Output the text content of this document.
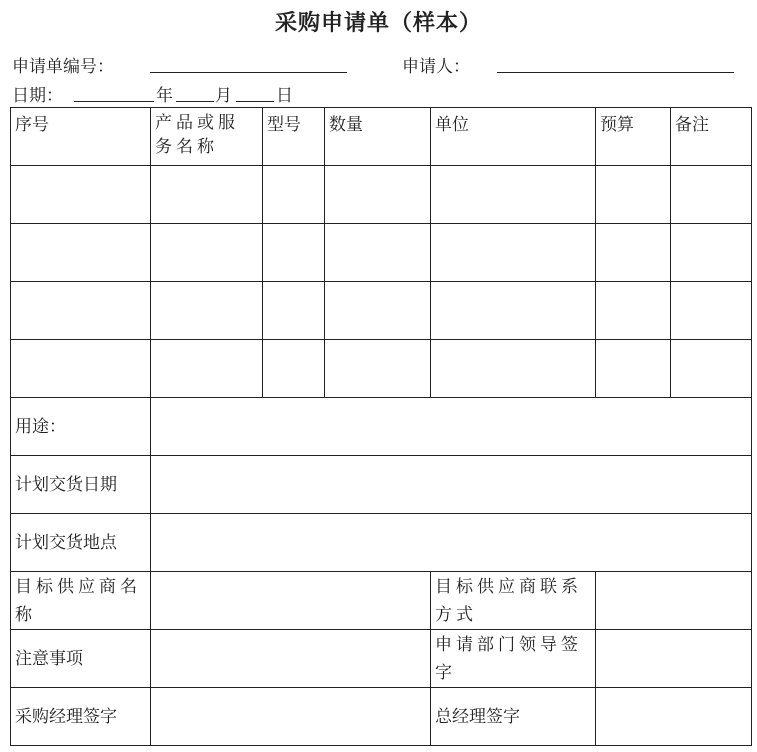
采购申请单（样本）
申请单编号：	申请人：
日期：	年 月	日
序号	产品或服务名称	型号	数量	单位	预算	备注

用途：						
计划交货日期						
计划交货地点						
目标供应商名称				目标供应商联系方式		
注意事项				申请部门领导签字		
采购经理签字				总经理签字		
